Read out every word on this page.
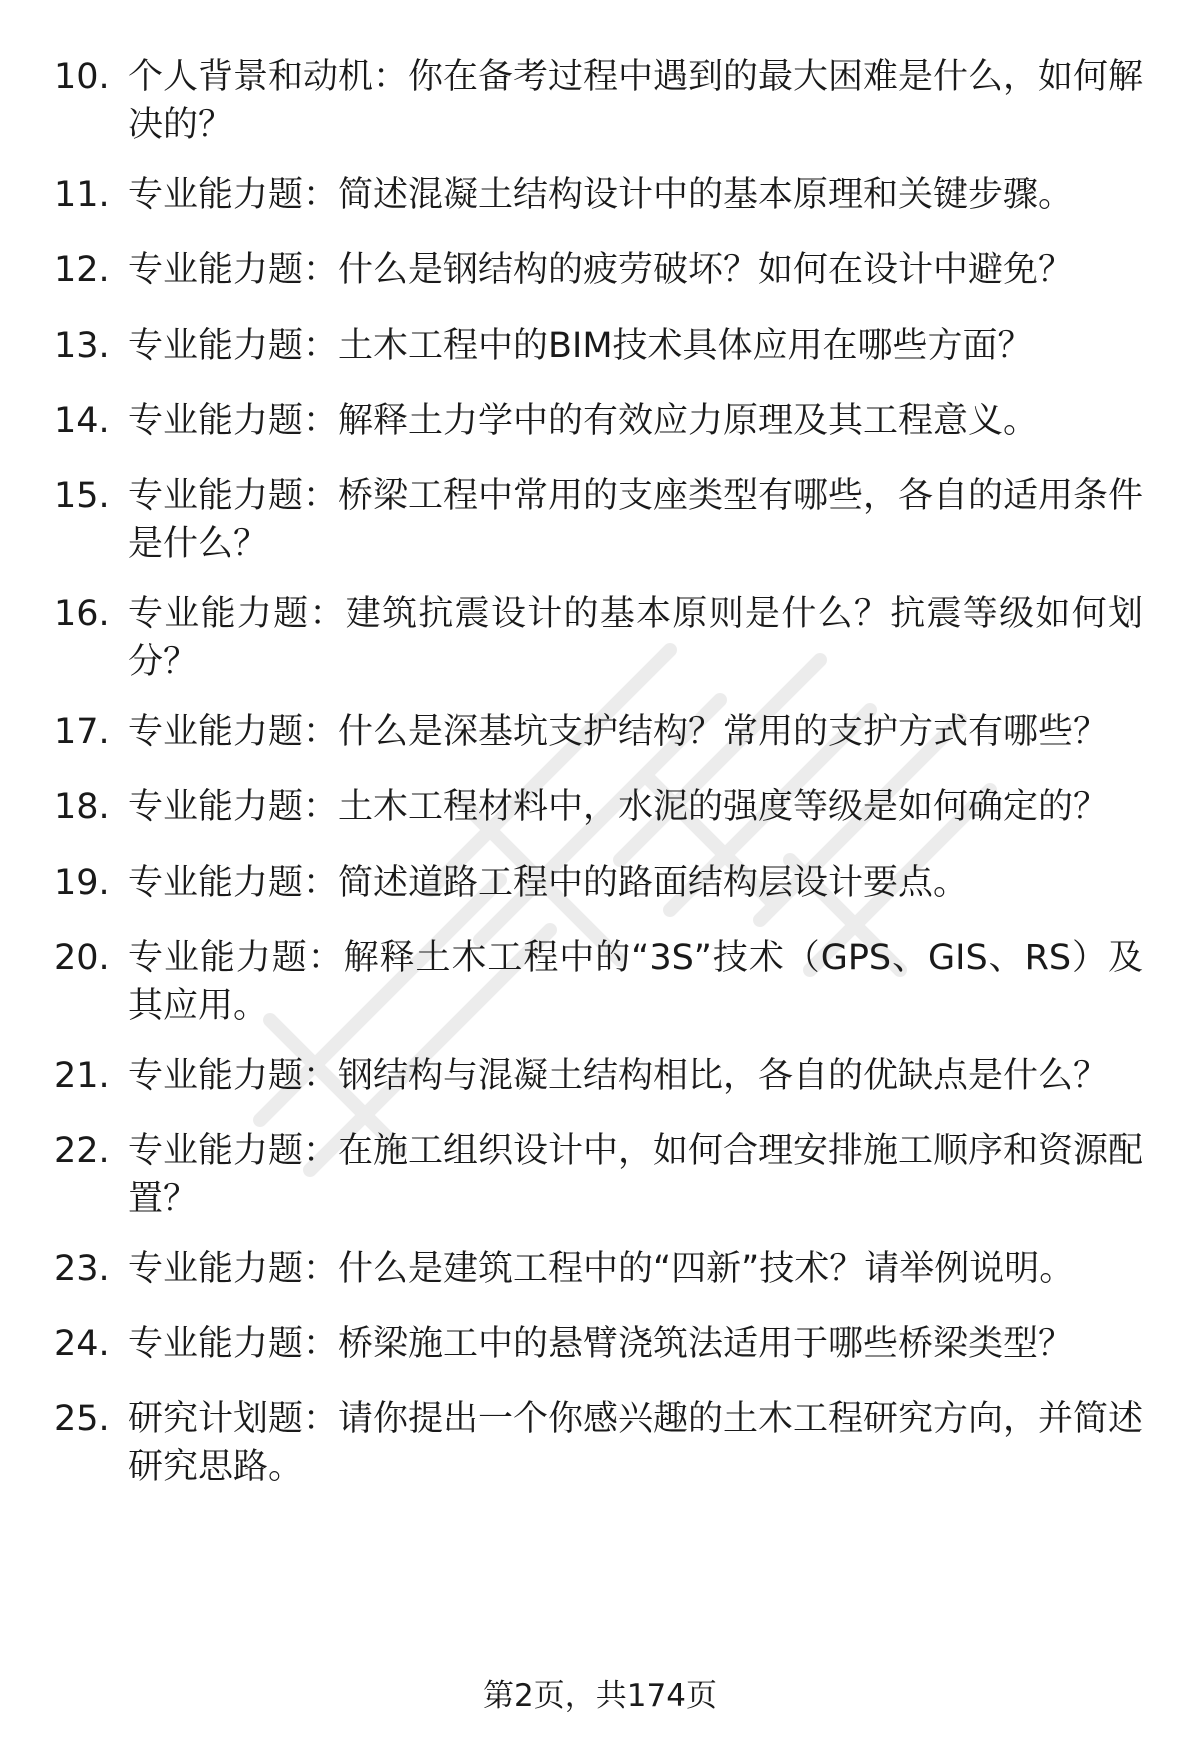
10. 个人背景和动机：你在备考过程中遇到的最大困难是什么，如何解决的？
11. 专业能力题：简述混凝土结构设计中的基本原理和关键步骤。
12. 专业能力题：什么是钢结构的疲劳破坏？如何在设计中避免？
13. 专业能力题：土木工程中的BIM技术具体应用在哪些方面？
14. 专业能力题：解释土力学中的有效应力原理及其工程意义。
15. 专业能力题：桥梁工程中常用的支座类型有哪些，各自的适用条件是什么？
16. 专业能力题：建筑抗震设计的基本原则是什么？抗震等级如何划分？
17. 专业能力题：什么是深基坑支护结构？常用的支护方式有哪些？
18. 专业能力题：土木工程材料中，水泥的强度等级是如何确定的？
19. 专业能力题：简述道路工程中的路面结构层设计要点。
20. 专业能力题：解释土木工程中的“3S”技术（GPS、GIS、RS）及其应用。
21. 专业能力题：钢结构与混凝土结构相比，各自的优缺点是什么？
22. 专业能力题：在施工组织设计中，如何合理安排施工顺序和资源配置？
23. 专业能力题：什么是建筑工程中的“四新”技术？请举例说明。
24. 专业能力题：桥梁施工中的悬臂浇筑法适用于哪些桥梁类型？
25. 研究计划题：请你提出一个你感兴趣的土木工程研究方向，并简述研究思路。
第2页，共174页
